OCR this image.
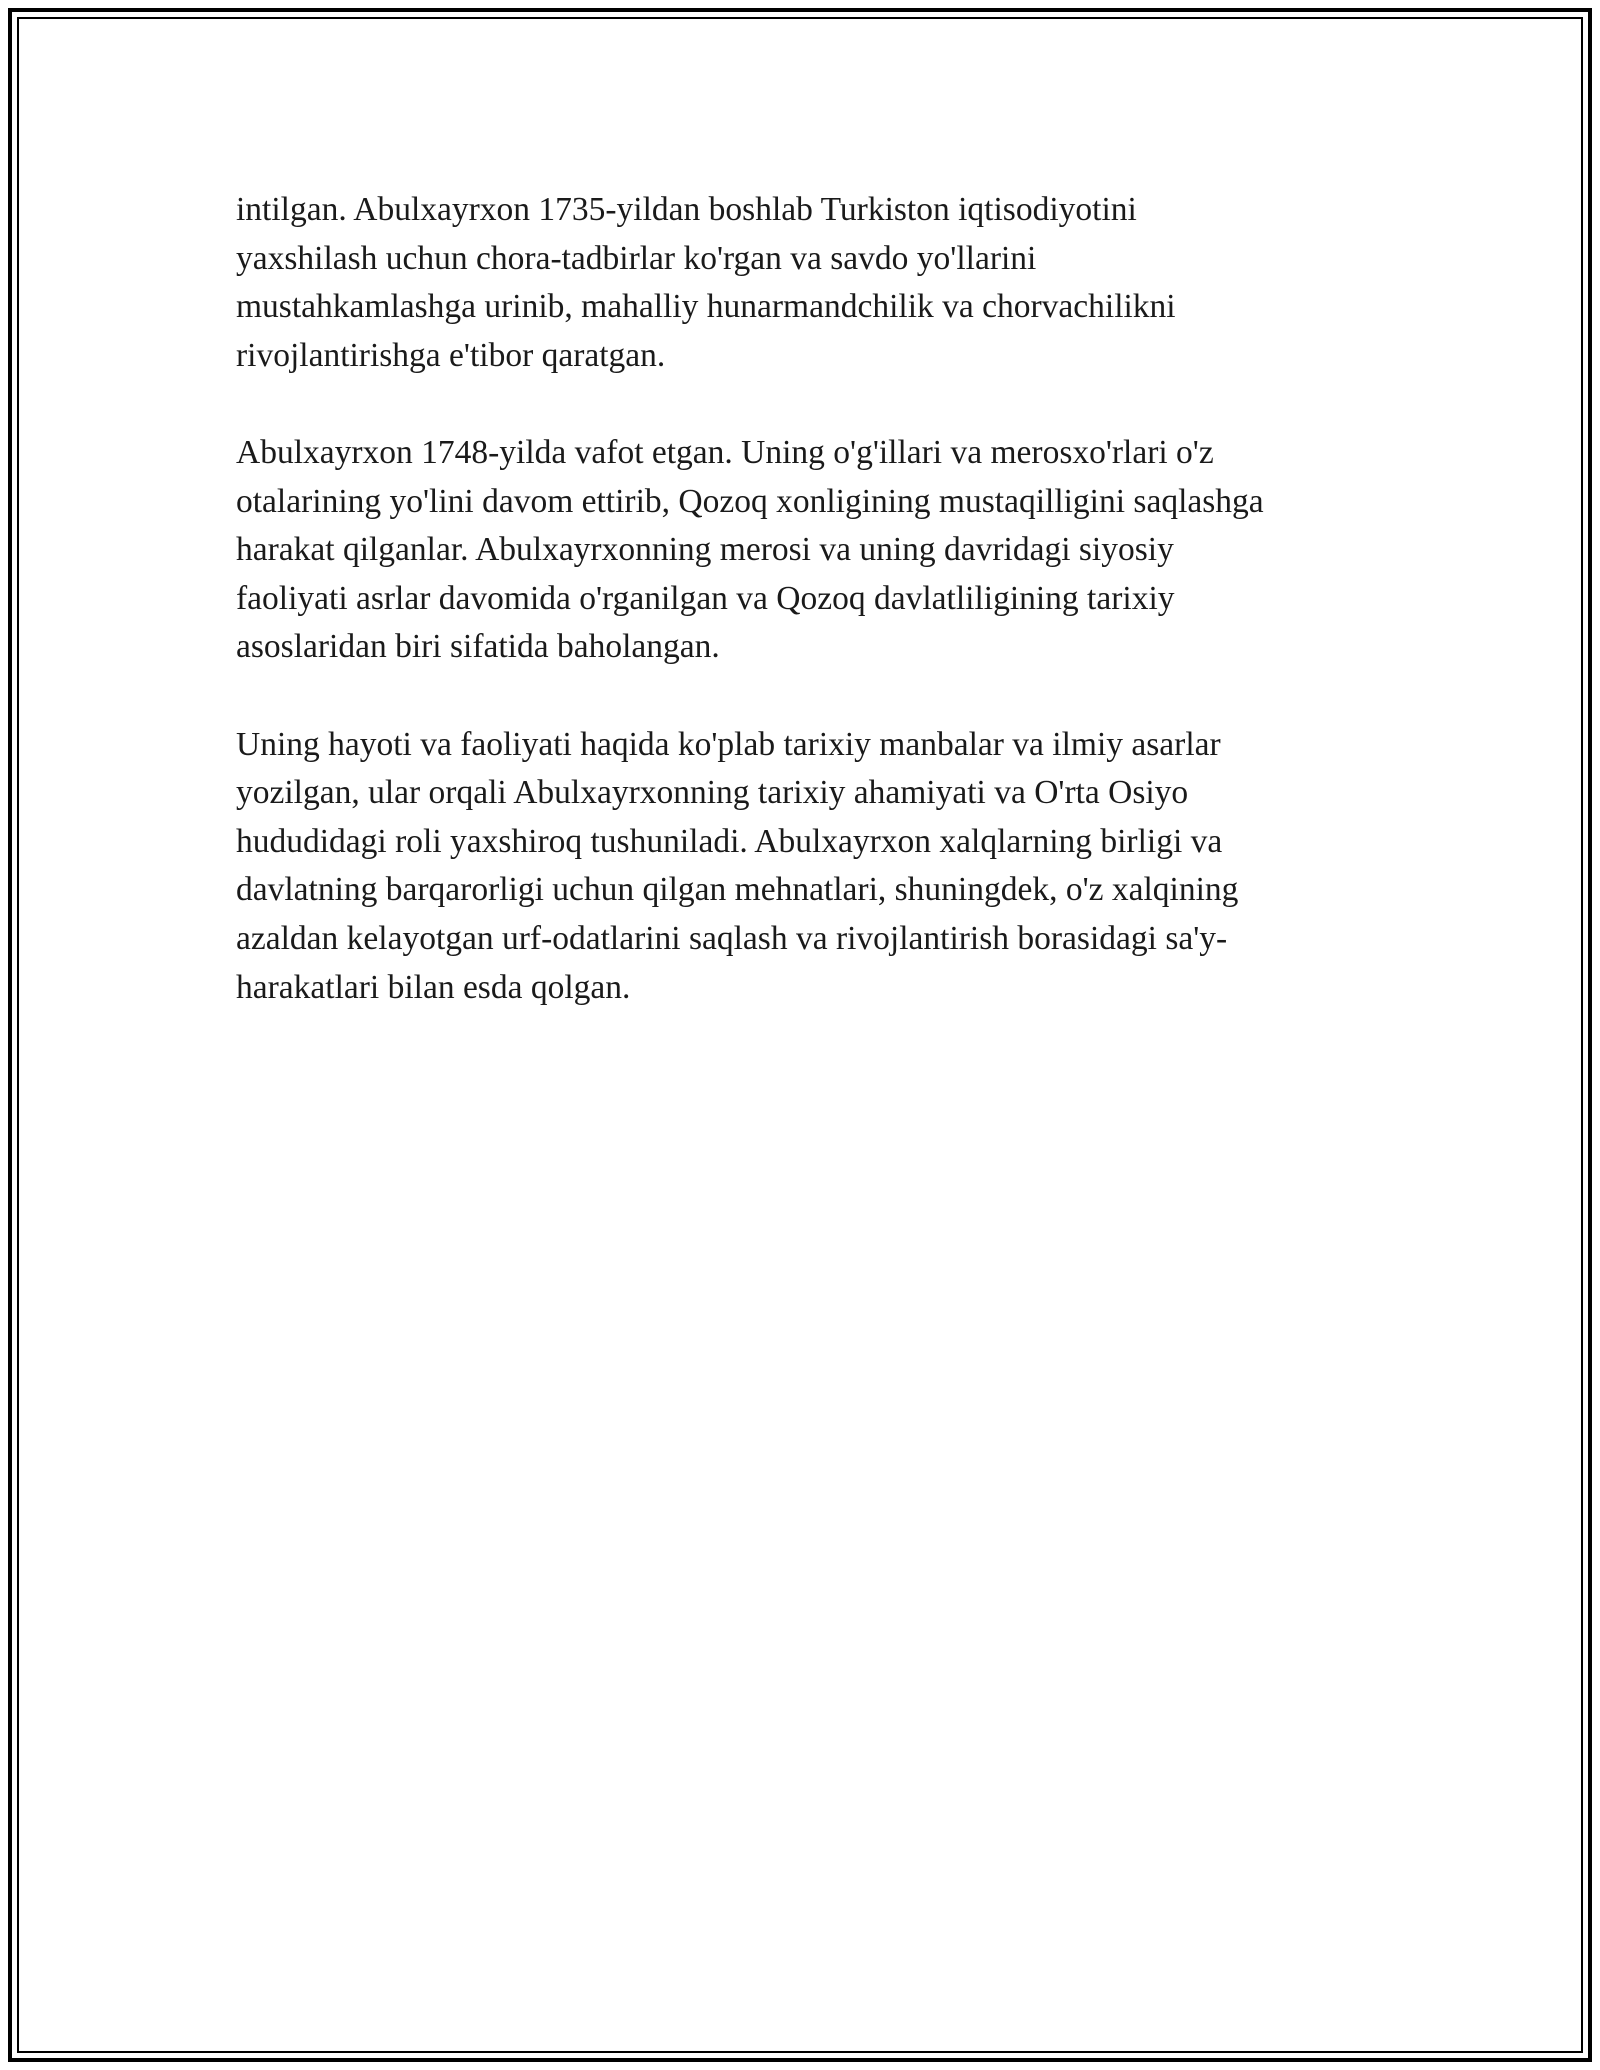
intilgan. Abulxayrxon 1735-yildan boshlab Turkiston iqtisodiyotini
yaxshilash uchun chora-tadbirlar ko'rgan va savdo yo'llarini
mustahkamlashga urinib, mahalliy hunarmandchilik va chorvachilikni
rivojlantirishga e'tibor qaratgan.

Abulxayrxon 1748-yilda vafot etgan. Uning o'g'illari va merosxo'rlari o'z
otalarining yo'lini davom ettirib, Qozoq xonligining mustaqilligini saqlashga
harakat qilganlar. Abulxayrxonning merosi va uning davridagi siyosiy
faoliyati asrlar davomida o'rganilgan va Qozoq davlatliligining tarixiy
asoslaridan biri sifatida baholangan.

Uning hayoti va faoliyati haqida ko'plab tarixiy manbalar va ilmiy asarlar
yozilgan, ular orqali Abulxayrxonning tarixiy ahamiyati va O'rta Osiyo
hududidagi roli yaxshiroq tushuniladi. Abulxayrxon xalqlarning birligi va
davlatning barqarorligi uchun qilgan mehnatlari, shuningdek, o'z xalqining
azaldan kelayotgan urf-odatlarini saqlash va rivojlantirish borasidagi sa'y-
harakatlari bilan esda qolgan.
